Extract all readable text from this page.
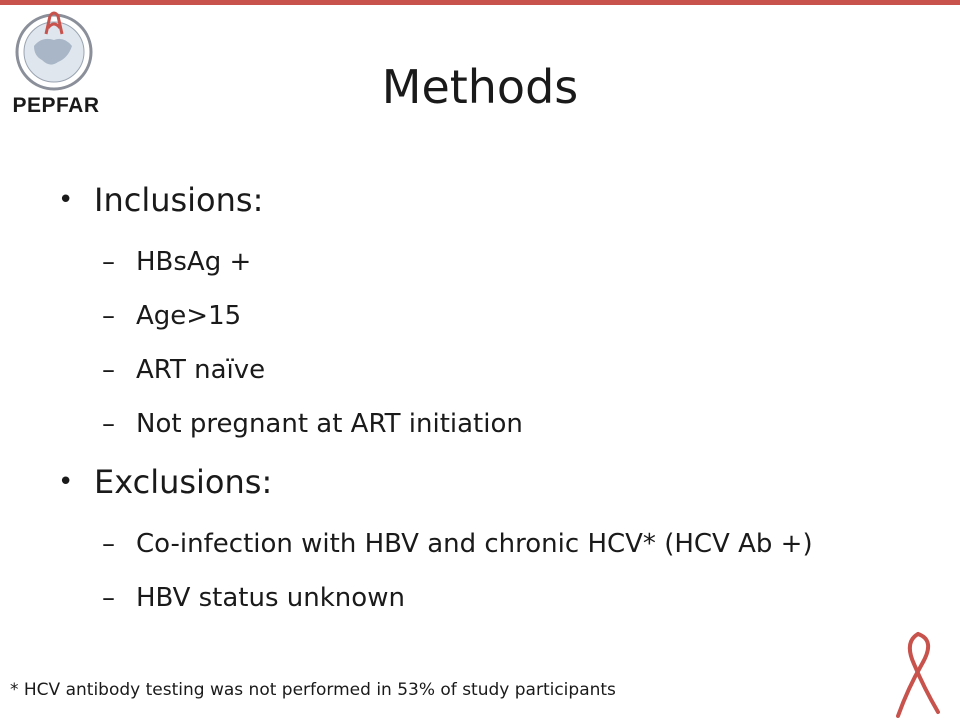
PEPFAR	Methods
• Inclusions:
– HBsAg +
– Age>15
– ART naïve
– Not pregnant at ART initiation
• Exclusions:
– Co-infection with HBV and chronic HCV* (HCV Ab +)
– HBV status unknown
* HCV antibody testing was not performed in 53% of study participants
